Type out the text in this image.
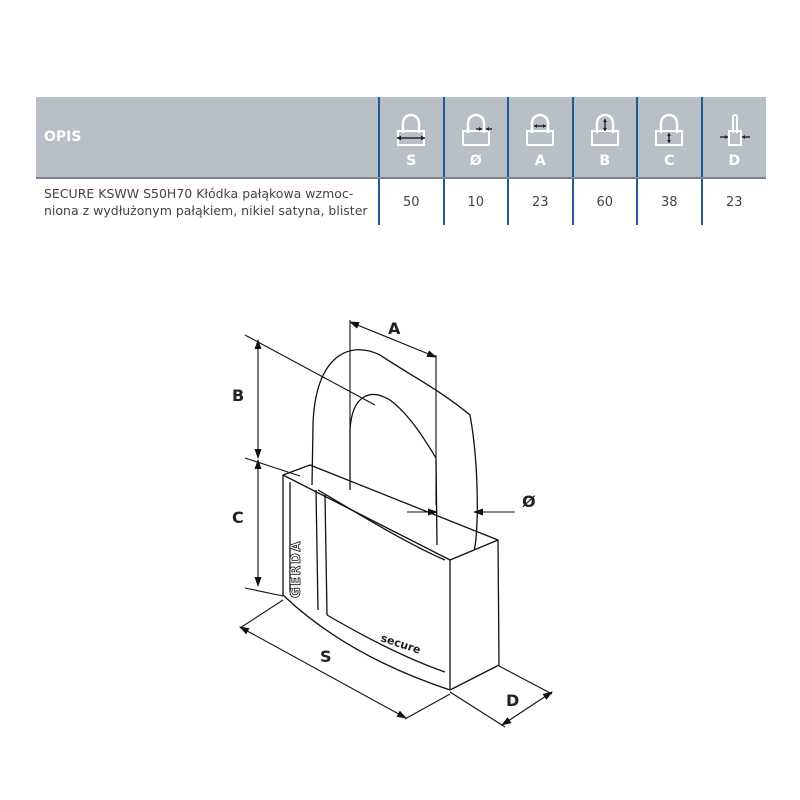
OPIS	S	Ø	A	B	C	D

SECURE KSWW S50H70 Kłódka pałąkowa wzmoc-
niona z wydłużonym pałąkiem, nikiel satyna, blister	50	10	23	60	38	23
GERDA
secure
A
B
C
S
D
Ø
